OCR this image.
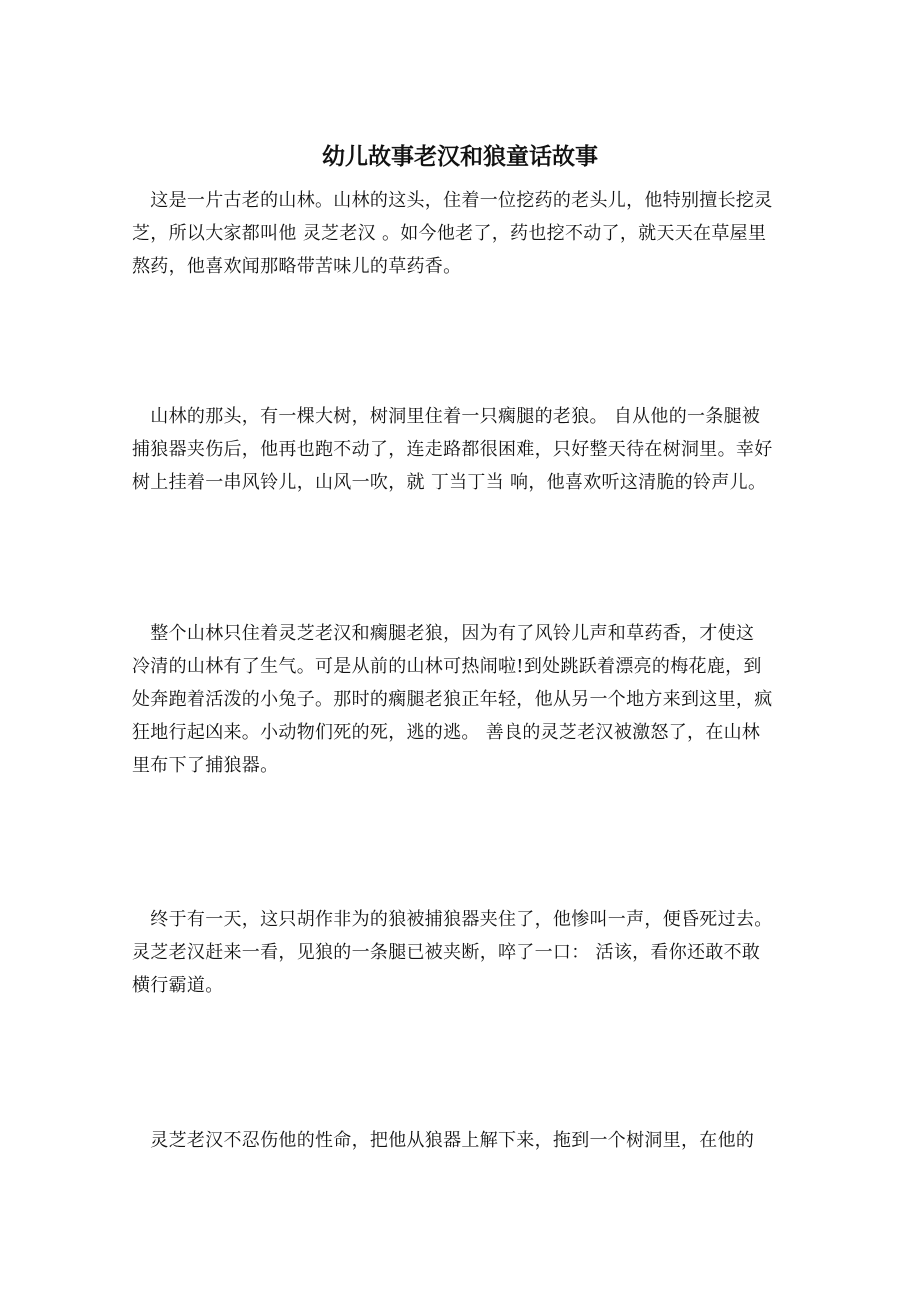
幼儿故事老汉和狼童话故事

　这是一片古老的山林。山林的这头，住着一位挖药的老头儿，他特别擅长挖灵
芝，所以大家都叫他 灵芝老汉 。如今他老了，药也挖不动了，就天天在草屋里
熬药，他喜欢闻那略带苦味儿的草药香。

　山林的那头，有一棵大树，树洞里住着一只瘸腿的老狼。 自从他的一条腿被
捕狼器夹伤后，他再也跑不动了，连走路都很困难，只好整天待在树洞里。幸好
树上挂着一串风铃儿，山风一吹，就 丁当丁当 响，他喜欢听这清脆的铃声儿。

　整个山林只住着灵芝老汉和瘸腿老狼，因为有了风铃儿声和草药香，才使这
冷清的山林有了生气。可是从前的山林可热闹啦!到处跳跃着漂亮的梅花鹿，到
处奔跑着活泼的小兔子。那时的瘸腿老狼正年轻，他从另一个地方来到这里，疯
狂地行起凶来。小动物们死的死，逃的逃。 善良的灵芝老汉被激怒了，在山林
里布下了捕狼器。

　终于有一天，这只胡作非为的狼被捕狼器夹住了，他惨叫一声，便昏死过去。
灵芝老汉赶来一看，见狼的一条腿已被夹断，啐了一口： 活该，看你还敢不敢
横行霸道。

　灵芝老汉不忍伤他的性命，把他从狼器上解下来，拖到一个树洞里，在他的
